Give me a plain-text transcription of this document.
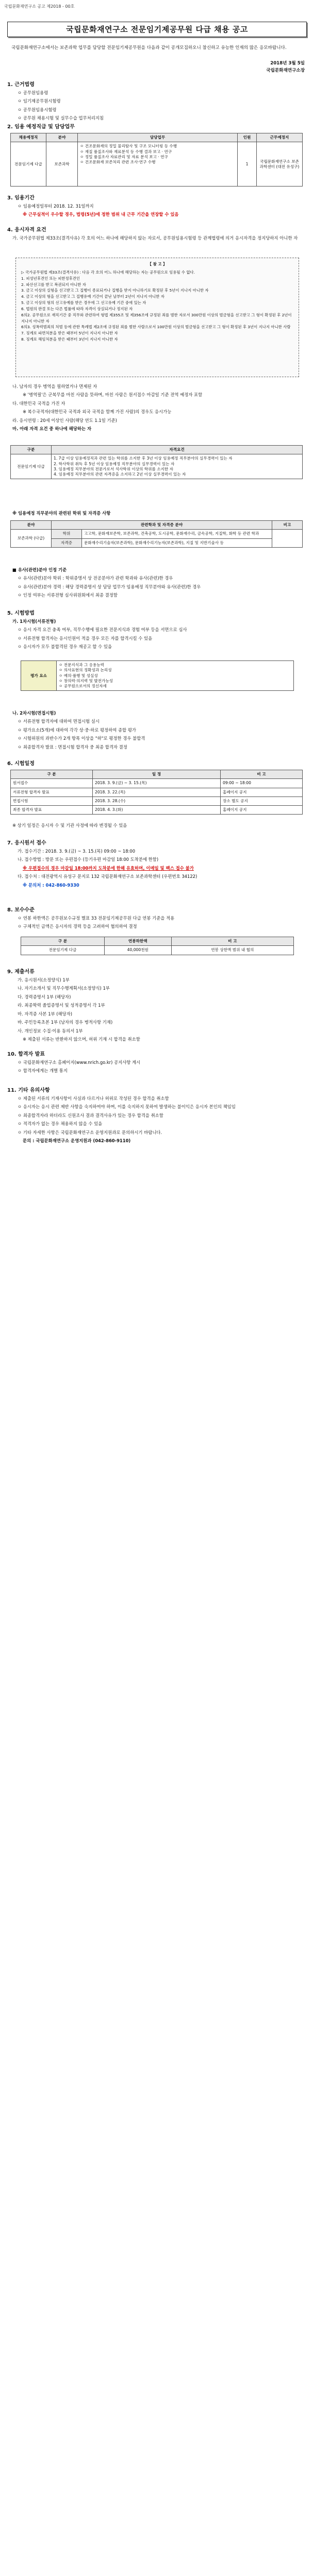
국립문화재연구소 공고 제2018 - 00호
국립문화재연구소 전문임기제공무원 다급 채용 공고
국립문화재연구소에서는 보존과학 업무를 담당할 전문임기제공무원을 다음과 같이 공개모집하오니 참신하고 유능한 인재의 많은 응모바랍니다.
2018년 3월 5일
국립문화재연구소장
1. 근거법령

ㅇ 공무원임용령

ㅇ 임기제공무원시험령

ㅇ 공무원임용시험령

ㅇ 공무원 채용시험 및 실무수습 업무처리지침

2. 임용 예정직급 및 담당업무
채용예정직	분야	담당업무	인원	근무예정지
전문임기제 다급	보존과학	ㅇ 건조문화재의 정밀 물리탐사 및 구조 모니터링 등 수행
ㅇ 재질 품질조사와 재료분석 등 수행 결과 보고 · 연구
ㅇ 정밀 품질조사 자료관리 및 자료 분석 보고 · 연구
ㅇ 건조문화재 보존처리 관련 조사·연구 수행	1	국립문화재연구소 보존과학센터 (대전 유성구)
3. 임용기간

ㅇ 임용예정일부터 2018. 12. 31일까지

※ 근무실적이 우수할 경우, 법령(5년)에 정한 범위 내 근무 기간을 연장할 수 있음

4. 응시자격 요건

가. 국가공무원법 제33조(결격사유) 각 호의 어느 하나에 해당하지 않는 자로서, 공무원임용시험령 등 관계법령에 의거 응시자격을 정지당하지 아니한 자

【 참 고 】
▷ 국가공무원법 제33조(결격사유) : 다음 각 호의 어느 하나에 해당하는 자는 공무원으로 임용될 수 없다.
1. 피성년후견인 또는 피한정후견인
2. 파산선고를 받고 복권되지 아니한 자
3. 금고 이상의 실형을 선고받고 그 집행이 종료되거나 집행을 받지 아니하기로 확정된 후 5년이 지나지 아니한 자
4. 금고 이상의 형을 선고받고 그 집행유예 기간이 끝난 날부터 2년이 지나지 아니한 자
5. 금고 이상의 형의 선고유예를 받은 경우에 그 선고유예 기간 중에 있는 자
6. 법원의 판결 또는 다른 법률에 따라 자격이 상실되거나 정지된 자
6의2. 공무원으로 재직기간 중 직무와 관련하여 형법 제355조 및 제356조에 규정된 죄를 범한 자로서 300만원 이상의 벌금형을 선고받고 그 형이 확정된 후 2년이 지나지 아니한 자
6의3. 성폭력범죄의 처벌 등에 관한 특례법 제2조에 규정된 죄를 범한 사람으로서 100만원 이상의 벌금형을 선고받고 그 형이 확정된 후 3년이 지나지 아니한 사람
7. 징계로 파면처분을 받은 때부터 5년이 지나지 아니한 자
8. 징계로 해임처분을 받은 때부터 3년이 지나지 아니한 자

나. 남자의 경우 병역을 필하였거나 면제된 자

※ '병역필'은 군복무를 마친 사람을 뜻하며, 마친 사람은 원서접수 마감일 기준 전역 예정자 포함

다. 대한민국 국적을 가진 자

※ 복수국적자(대한민국 국적과 외국 국적을 함께 가진 사람)의 경우도 응시가능

라. 응시연령 : 20세 이상인 사람(해당 연도 1.1일 기준)

마. 아래 자격 요건 중 하나에 해당하는 자

구분	자격요건
전문임기제 다급	1. 7급 이상 임용예정직과 관련 있는 학위를 소지한 후 3년 이상 임용예정 직무분야의 실무경력이 있는 자
2. 학사학위 취득 후 5년 이상 임용예정 직무분야의 실무경력이 있는 자
3. 임용예정 직무분야의 전문가로서 석사학위 이상의 학위를 소지한 자
4. 임용예정 직무분야의 관련 자격증을 소지하고 2년 이상 실무경력이 있는 자

※ 임용예정 직무분야의 관련된 학위 및 자격증 사항

분야	관련학과 및 자격증 분야		비고
보존과학 (다급)	학위	고고학, 문화재보존학, 보존과학, 건축공학, 도시공학, 문화재수리, 금속공학, 지질학, 화학 등 관련 학과	
	자격증	문화재수리기술자(보존과학), 문화재수리기능자(보존과학), 지질 및 지반기술사 등	

■ 유사(관련)분야 인정 기준

ㅇ 유사(관련)분야 학위 : 학위증명서 상 전공분야가 관련 학과와 유사(관련)한 경우

ㅇ 유사(관련)분야 경력 : 해당 경력증명서 상 담당 업무가 임용예정 직무분야와 유사(관련)한 경우

ㅇ 인정 여부는 서류전형 심사위원회에서 최종 결정함

5. 시험방법

가. 1차시험(서류전형)

ㅇ 응시 자격 요건 충족 여부, 직무수행에 필요한 전문지식과 경험 여부 등을 서면으로 심사

ㅇ 서류전형 합격자는 응시인원이 적을 경우 모든 자를 합격시킬 수 있음

ㅇ 응시자가 모두 불합격된 경우 재공고 할 수 있음

평가 요소	
ㅇ 전문지식과 그 응용능력
ㅇ 의사표현의 정확성과 논리성
ㅇ 예의·품행 및 성실성
ㅇ 창의력·의지력 및 발전가능성
ㅇ 공무원으로서의 정신자세

나. 2차시험(면접시험)

ㅇ 서류전형 합격자에 대하여 면접시험 실시

ㅇ 평가요소(5개)에 대하여 각각 상·중·하로 평정하여 종합 평가

ㅇ 시험위원의 과반수가 2개 항목 이상을 "하"로 평정한 경우 불합격

ㅇ 최종합격자 발표 : 면접시험 합격자 중 최종 합격자 결정

6. 시험일정
구 분	일 정	비 고
원서접수	2018. 3. 9.(금) ~ 3. 15.(목)	09:00 ~ 18:00
서류전형 합격자 발표	2018. 3. 22.(목)	홈페이지 공지
면접시험	2018. 3. 28.(수)	장소 별도 공지
최종 합격자 발표	2018. 4. 3.(화)	홈페이지 공지

※ 상기 일정은 응시자 수 및 기관 사정에 따라 변경될 수 있음

7. 응시원서 접수

가. 접수기간 : 2018. 3. 9.(금) ~ 3. 15.(목) 09:00 ~ 18:00

나. 접수방법 : 방문 또는 우편접수 (등기우편 마감일 18:00 도착분에 한함)

※ 우편접수의 경우 마감일 18:00까지 도착분에 한해 유효하며, 이메일 및 팩스 접수 불가

다. 접수처 : 대전광역시 유성구 문지로 132 국립문화재연구소 보존과학센터 (우편번호 34122)

※ 문의처 : 042-860-9330

8. 보수수준

ㅇ 연봉 하한액은 공무원보수규정 별표 33 전문임기제공무원 다급 연봉 기준을 적용

ㅇ 구체적인 금액은 응시자의 경력 등을 고려하여 협의하여 결정

구 분	연봉하한액	비 고
전문임기제 다급	40,000천원	연봉 상한액 범위 내 협의
9. 제출서류

가. 응시원서(소정양식) 1부

나. 자기소개서 및 직무수행계획서(소정양식) 1부

다. 경력증명서 1부 (해당자)

라. 최종학력 졸업증명서 및 성적증명서 각 1부

마. 자격증 사본 1부 (해당자)

바. 주민등록초본 1부 (남자의 경우 병적사항 기재)

사. 개인정보 수집·이용 동의서 1부

※ 제출된 서류는 반환하지 않으며, 허위 기재 시 합격을 취소함

10. 합격자 발표

ㅇ 국립문화재연구소 홈페이지(www.nrich.go.kr) 공지사항 게시

ㅇ 합격자에게는 개별 통지

11. 기타 유의사항

ㅇ 제출된 서류의 기재사항이 사실과 다르거나 허위로 작성된 경우 합격을 취소함

ㅇ 응시자는 응시 관련 제반 사항을 숙지하여야 하며, 이를 숙지하지 못하여 발생하는 불이익은 응시자 본인의 책임임

ㅇ 최종합격자라 하더라도 신원조사 결과 결격사유가 있는 경우 합격을 취소함

ㅇ 적격자가 없는 경우 채용하지 않을 수 있음

ㅇ 기타 자세한 사항은 국립문화재연구소 운영지원과로 문의하시기 바랍니다.

문의 : 국립문화재연구소 운영지원과 (042-860-9110)
